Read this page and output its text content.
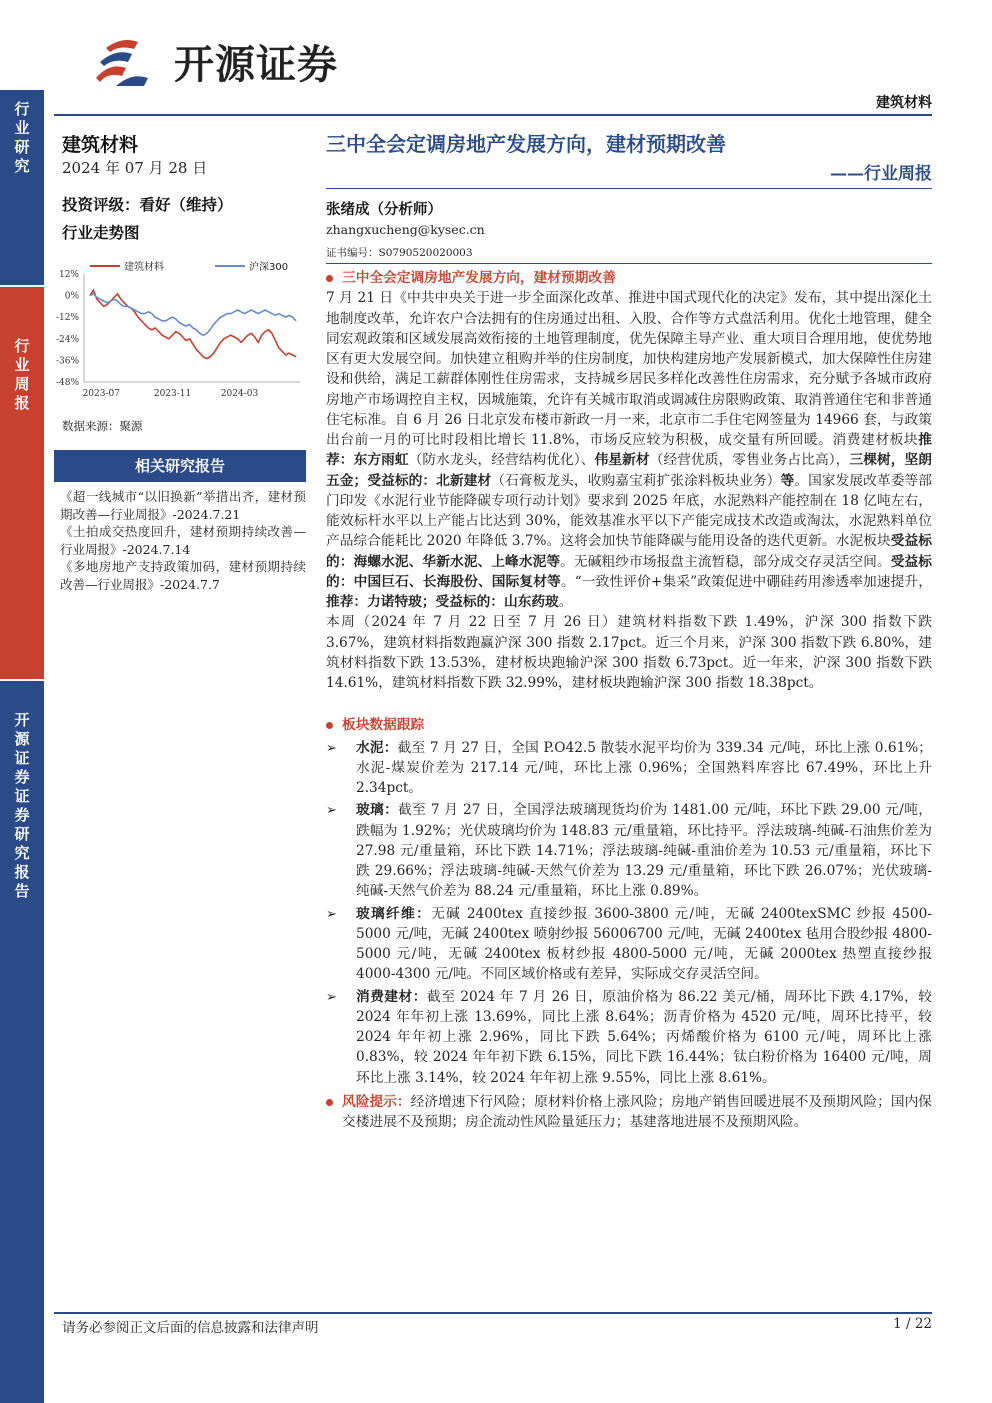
行业研究
行业周报
开源证券 证券研究报告
开源证券
建筑材料
建筑材料
2024 年 07 月 28 日
投资评级：看好（维持）
行业走势图
12%
0%
-12%
-24%
-36%
-48%
2023-07	2023-11	2024-03
建筑材料	沪深300
数据来源：聚源
相关研究报告
《超一线城市“以旧换新”举措出齐，建材预期改善—行业周报》-2024.7.21
《土拍成交热度回升，建材预期持续改善—行业周报》-2024.7.14
《多地房地产支持政策加码，建材预期持续改善—行业周报》-2024.7.7
三中全会定调房地产发展方向，建材预期改善
——行业周报
张绪成（分析师）
zhangxucheng@kysec.cn
证书编号：S0790520020003
三中全会定调房地产发展方向，建材预期改善
7 月 21 日《中共中央关于进一步全面深化改革、推进中国式现代化的决定》发布，其中提出深化土地制度改革，允许农户合法拥有的住房通过出租、入股、合作等方式盘活利用。优化土地管理，健全同宏观政策和区域发展高效衔接的土地管理制度，优先保障主导产业、重大项目合理用地，使优势地区有更大发展空间。加快建立租购并举的住房制度，加快构建房地产发展新模式，加大保障性住房建设和供给，满足工薪群体刚性住房需求，支持城乡居民多样化改善性住房需求，充分赋予各城市政府房地产市场调控自主权，因城施策，允许有关城市取消或调减住房限购政策、取消普通住宅和非普通住宅标准。自 6 月 26 日北京发布楼市新政一月一来，北京市二手住宅网签量为 14966 套，与政策出台前一月的可比时段相比增长 11.8%，市场反应较为积极，成交量有所回暖。消费建材板块推荐：东方雨虹（防水龙头，经营结构优化）、伟星新材（经营优质，零售业务占比高），三棵树，坚朗五金；受益标的：北新建材（石膏板龙头，收购嘉宝莉扩张涂料板块业务）等。国家发展改革委等部门印发《水泥行业节能降碳专项行动计划》要求到 2025 年底，水泥熟料产能控制在 18 亿吨左右，能效标杆水平以上产能占比达到 30%，能效基准水平以下产能完成技术改造或淘汰，水泥熟料单位产品综合能耗比 2020 年降低 3.7%。这将会加快节能降碳与能用设备的迭代更新。水泥板块受益标的：海螺水泥、华新水泥、上峰水泥等。无碱粗纱市场报盘主流暂稳，部分成交存灵活空间。受益标的：中国巨石、长海股份、国际复材等。“一致性评价+集采”政策促进中硼硅药用渗透率加速提升，推荐：力诺特玻；受益标的：山东药玻。
本周（2024 年 7 月 22 日至 7 月 26 日）建筑材料指数下跌 1.49%，沪深 300 指数下跌 3.67%，建筑材料指数跑赢沪深 300 指数 2.17pct。近三个月来，沪深 300 指数下跌 6.80%，建筑材料指数下跌 13.53%，建材板块跑输沪深 300 指数 6.73pct。近一年来，沪深 300 指数下跌 14.61%，建筑材料指数下跌 32.99%，建材板块跑输沪深 300 指数 18.38pct。
板块数据跟踪
➢	水泥：截至 7 月 27 日，全国 P.O42.5 散装水泥平均价为 339.34 元/吨，环比上涨 0.61%；水泥-煤炭价差为 217.14 元/吨，环比上涨 0.96%；全国熟料库容比 67.49%，环比上升 2.34pct。
➢	玻璃：截至 7 月 27 日，全国浮法玻璃现货均价为 1481.00 元/吨，环比下跌 29.00 元/吨，跌幅为 1.92%；光伏玻璃均价为 148.83 元/重量箱，环比持平。浮法玻璃-纯碱-石油焦价差为 27.98 元/重量箱，环比下跌 14.71%；浮法玻璃-纯碱-重油价差为 10.53 元/重量箱，环比下跌 29.66%；浮法玻璃-纯碱-天然气价差为 13.29 元/重量箱，环比下跌 26.07%；光伏玻璃-纯碱-天然气价差为 88.24 元/重量箱，环比上涨 0.89%。
➢	玻璃纤维：无碱 2400tex 直接纱报 3600-3800 元/吨，无碱 2400texSMC 纱报 4500-5000 元/吨，无碱 2400tex 喷射纱报 56006700 元/吨，无碱 2400tex 毡用合股纱报 4800-5000 元/吨，无碱 2400tex 板材纱报 4800-5000 元/吨，无碱 2000tex 热塑直接纱报 4000-4300 元/吨。不同区域价格或有差异，实际成交存灵活空间。
➢	消费建材：截至 2024 年 7 月 26 日，原油价格为 86.22 美元/桶，周环比下跌 4.17%，较 2024 年年初上涨 13.69%，同比上涨 8.64%；沥青价格为 4520 元/吨，周环比持平，较 2024 年年初上涨 2.96%，同比下跌 5.64%；丙烯酸价格为 6100 元/吨，周环比上涨 0.83%，较 2024 年年初下跌 6.15%，同比下跌 16.44%；钛白粉价格为 16400 元/吨，周环比上涨 3.14%，较 2024 年年初上涨 9.55%，同比上涨 8.61%。
风险提示：经济增速下行风险；原材料价格上涨风险；房地产销售回暖进展不及预期风险；国内保交楼进展不及预期；房企流动性风险量延压力；基建落地进展不及预期风险。
请务必参阅正文后面的信息披露和法律声明	1 / 22
